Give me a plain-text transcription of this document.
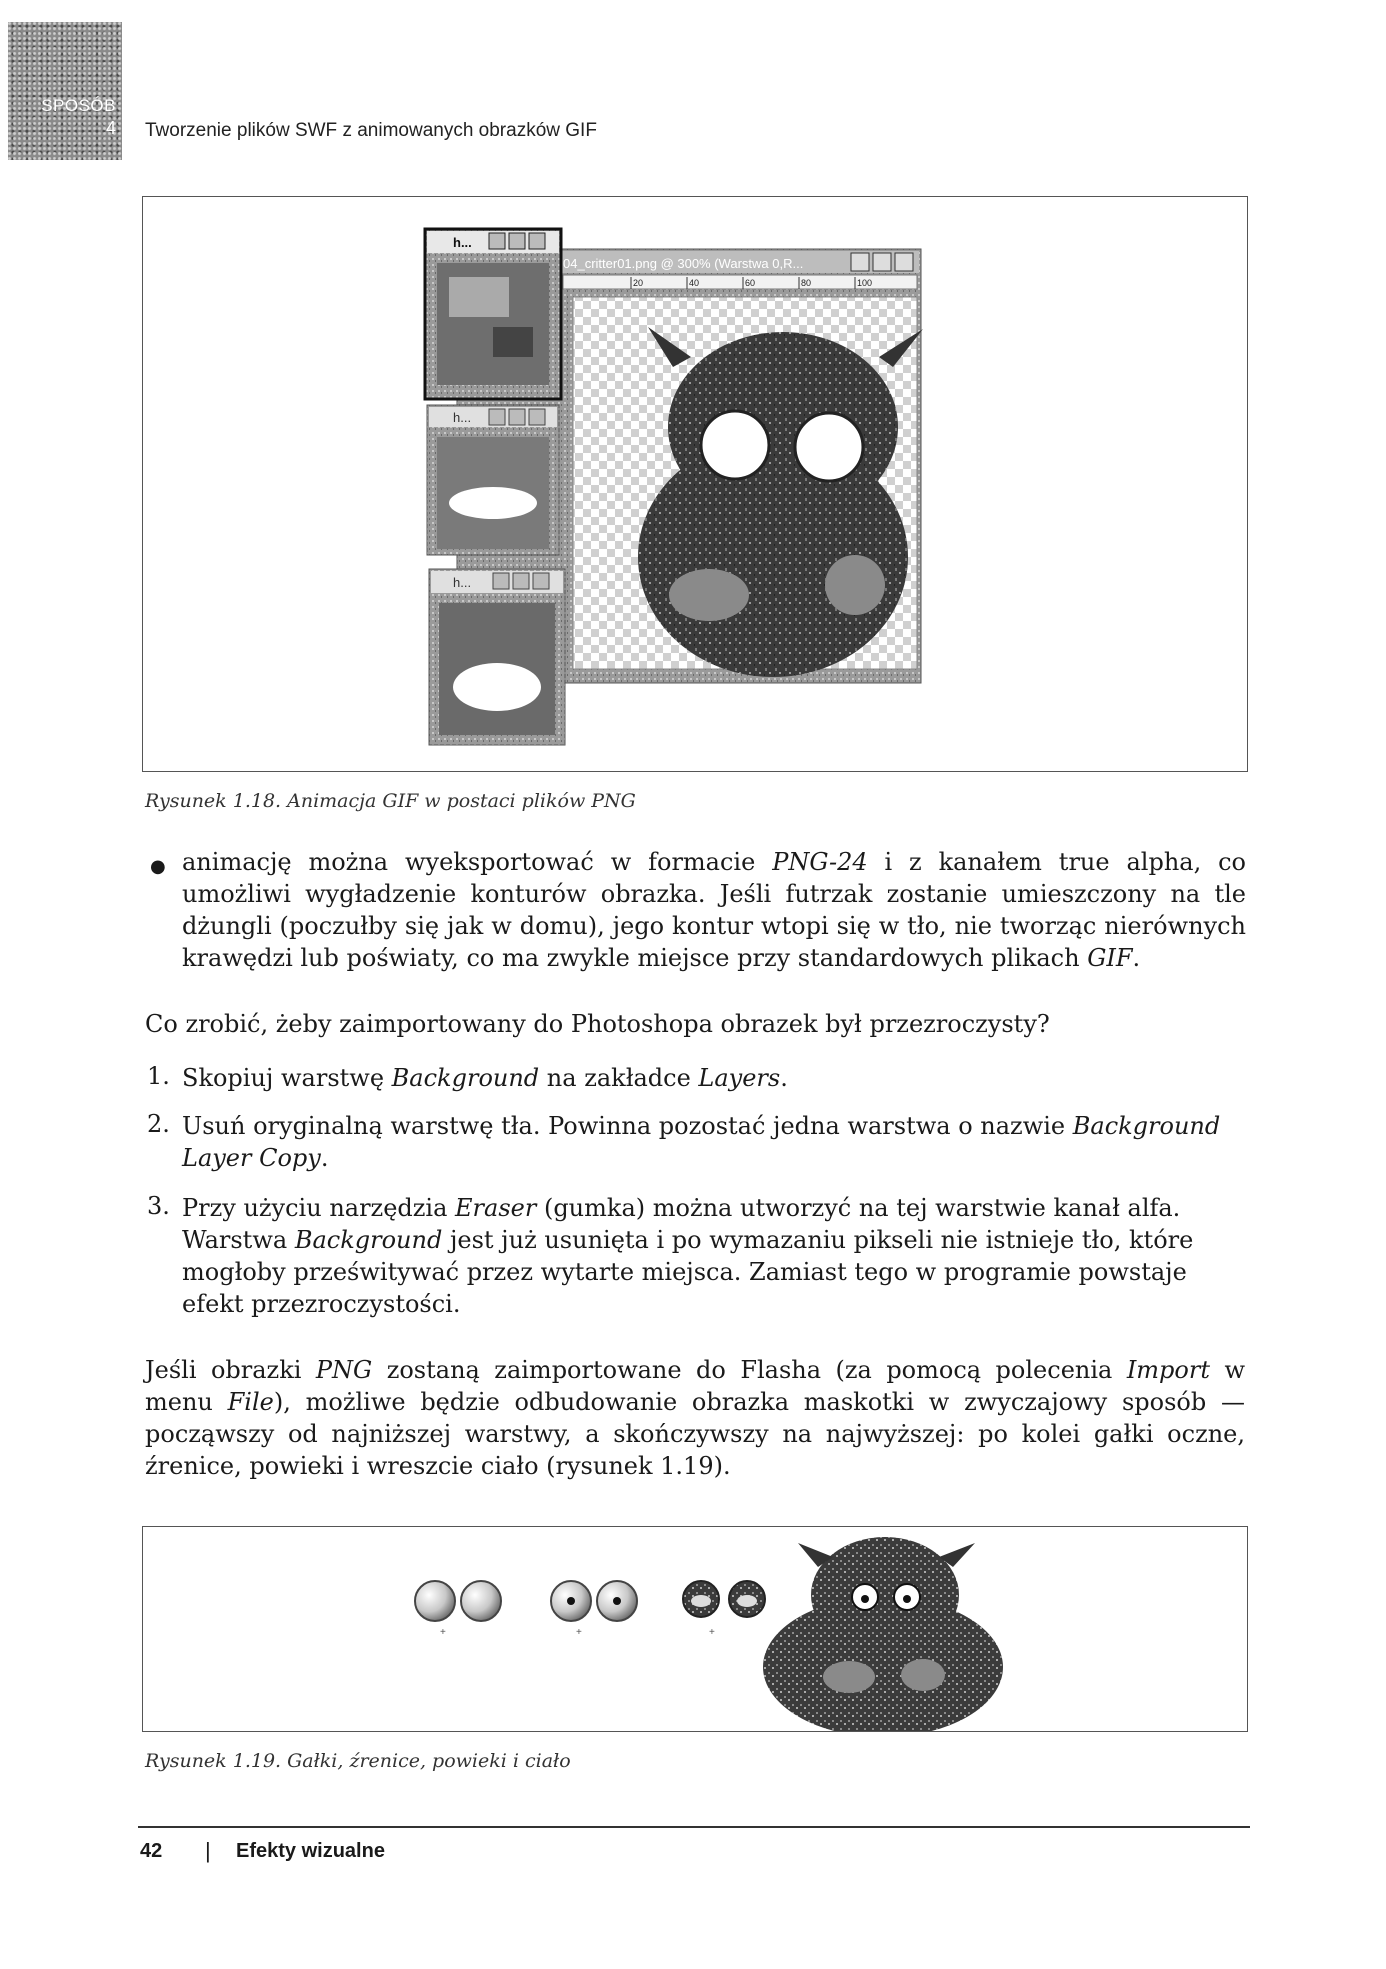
SPOSÓB
4 Tworzenie plików SWF z animowanych obrazków GIF
04_critter01.png @ 300% (Warstwa 0,R...
20	40	60	80	100
h...
h...
h...
Rysunek 1.18. Animacja GIF w postaci plików PNG
● animację można wyeksportować w formacie PNG-24 i z kanałem true alpha, co umożliwi wygładzenie konturów obrazka. Jeśli futrzak zostanie umieszczony na tle dżungli (poczułby się jak w domu), jego kontur wtopi się w tło, nie tworząc nierównych krawędzi lub poświaty, co ma zwykle miejsce przy standardowych plikach GIF.
Co zrobić, żeby zaimportowany do Photoshopa obrazek był przezroczysty?
1. Skopiuj warstwę Background na zakładce Layers.
2. Usuń oryginalną warstwę tła. Powinna pozostać jedna warstwa o nazwie Background Layer Copy.
3. Przy użyciu narzędzia Eraser (gumka) można utworzyć na tej warstwie kanał alfa. Warstwa Background jest już usunięta i po wymazaniu pikseli nie istnieje tło, które mogłoby prześwitywać przez wytarte miejsca. Zamiast tego w programie powstaje efekt przezroczystości.
Jeśli obrazki PNG zostaną zaimportowane do Flasha (za pomocą polecenia Import w menu File), możliwe będzie odbudowanie obrazka maskotki w zwyczajowy sposób — począwszy od najniższej warstwy, a skończywszy na najwyższej: po kolei gałki oczne, źrenice, powieki i wreszcie ciało (rysunek 1.19).
+	+	+
Rysunek 1.19. Gałki, źrenice, powieki i ciało
42 | Efekty wizualne
